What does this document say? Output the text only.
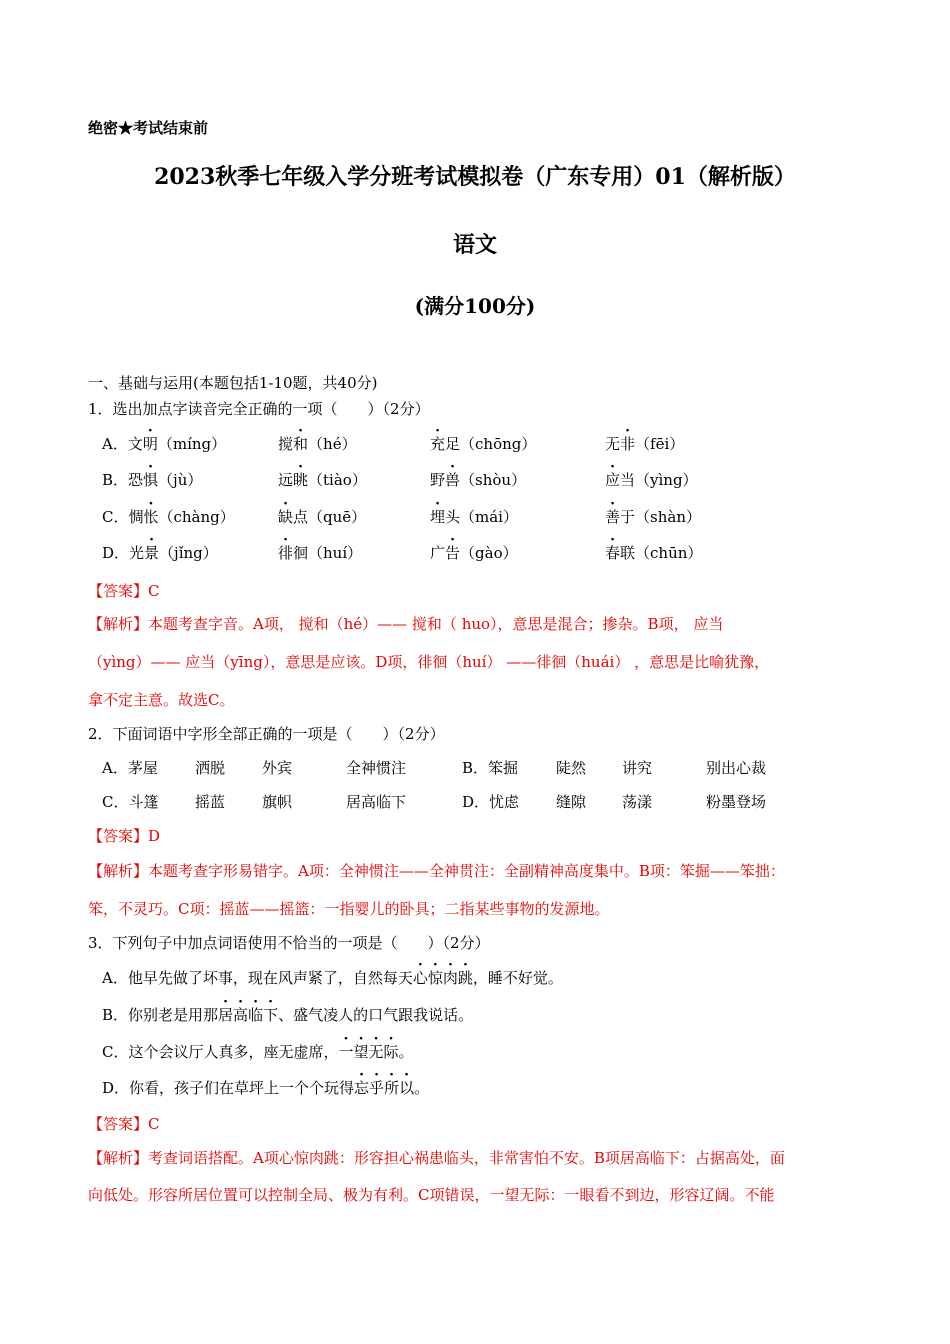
绝密★考试结束前
2023秋季七年级入学分班考试模拟卷（广东专用）01（解析版）
语文
(满分100分)
一、基础与运用(本题包括1-10题，共40分)
1．选出加点字读音完全正确的一项（　　）（2分）
A．文明（míng）	搅和（hé）	充足（chōng）	无非（fēi）
B．恐惧（jù）	远眺（tiào）	野兽（shòu）	应当（yìng）
C．惆怅（chàng）	缺点（quē）	埋头（mái）	善于（shàn）
D．光景（jǐng）	徘徊（huí）	广告（gào）	春联（chūn）
【答案】C
【解析】本题考查字音。A项， 搅和（hé）—— 搅和（ huo），意思是混合；掺杂。B项， 应当
（yìng）—— 应当（yīng），意思是应该。D项，徘徊（huí） ——徘徊（huái） ，意思是比喻犹豫，
拿不定主意。故选C。
2．下面词语中字形全部正确的一项是（　　）（2分）
A．茅屋 洒脱 外宾	全神惯注	B．笨掘	陡然 讲究	别出心裁
C．斗篷 摇蓝 旗帜	居高临下	D．忧虑 缝隙 荡漾	粉墨登场
【答案】D
【解析】本题考查字形易错字。A项：全神惯注——全神贯注：全副精神高度集中。B项：笨掘——笨拙：
笨，不灵巧。C项：摇蓝——摇篮：一指婴儿的卧具；二指某些事物的发源地。
3．下列句子中加点词语使用不恰当的一项是（　　）（2分）
A．他早先做了坏事，现在风声紧了，自然每天心惊肉跳，睡不好觉。
B．你别老是用那居高临下、盛气凌人的口气跟我说话。
C．这个会议厅人真多，座无虚席，一望无际。
D．你看，孩子们在草坪上一个个玩得忘乎所以。
【答案】C
【解析】考查词语搭配。A项心惊肉跳：形容担心祸患临头，非常害怕不安。B项居高临下：占据高处，面
向低处。形容所居位置可以控制全局、极为有利。C项错误，一望无际：一眼看不到边，形容辽阔。不能
